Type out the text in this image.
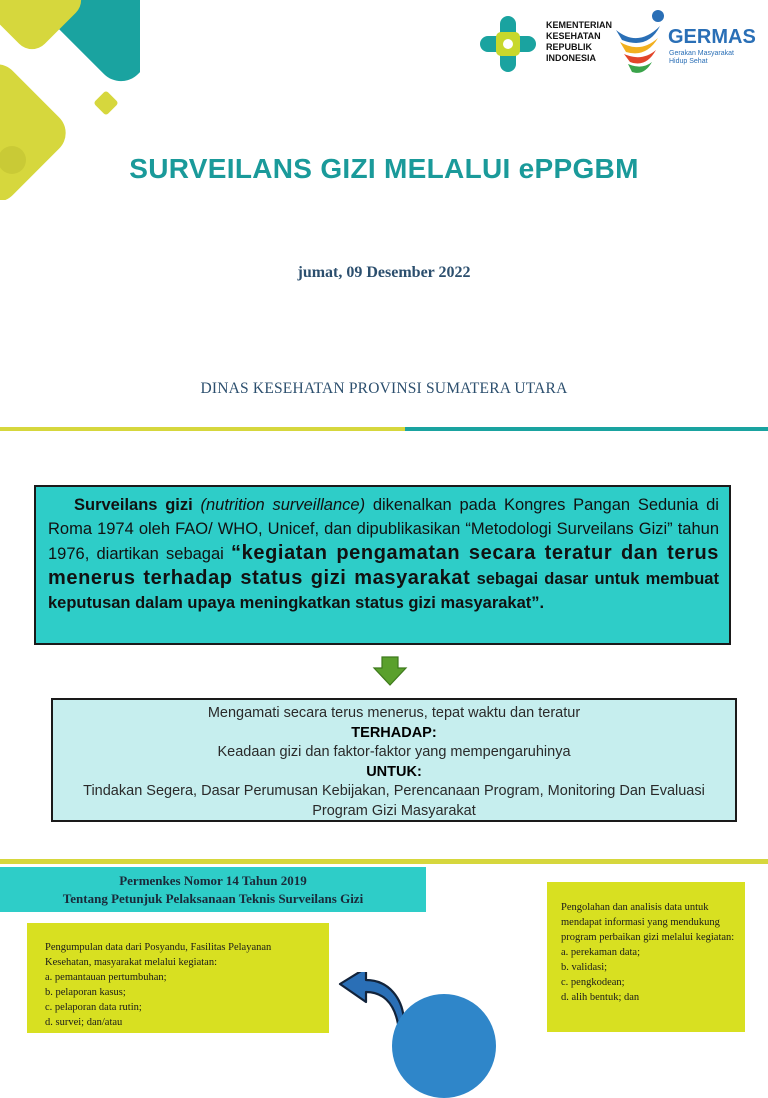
KEMENTERIAN
KESEHATAN
REPUBLIK
INDONESIA
GERMAS
Gerakan Masyarakat
Hidup Sehat
SURVEILANS GIZI MELALUI ePPGBM
jumat, 09 Desember 2022
DINAS KESEHATAN PROVINSI SUMATERA UTARA
Surveilans gizi (nutrition surveillance) dikenalkan pada Kongres Pangan Sedunia di Roma 1974 oleh FAO/ WHO, Unicef, dan dipublikasikan “Metodologi Surveilans Gizi” tahun 1976, diartikan sebagai “kegiatan pengamatan secara teratur dan terus menerus terhadap status gizi masyarakat sebagai dasar untuk membuat keputusan dalam upaya meningkatkan status gizi masyarakat”.
Mengamati secara terus menerus, tepat waktu dan teratur
TERHADAP:
Keadaan gizi dan faktor-faktor yang mempengaruhinya
UNTUK:
Tindakan Segera, Dasar Perumusan Kebijakan, Perencanaan Program, Monitoring Dan Evaluasi Program Gizi Masyarakat
Permenkes Nomor 14 Tahun 2019
Tentang Petunjuk Pelaksanaan Teknis Surveilans Gizi

Pengolahan dan analisis data untuk mendapat informasi yang mendukung program perbaikan gizi melalui kegiatan:

a. perekaman data;

b. validasi;

c. pengkodean;

d. alih bentuk; dan

Pengumpulan data dari Posyandu, Fasilitas Pelayanan Kesehatan, masyarakat melalui kegiatan:

a. pemantauan pertumbuhan;

b. pelaporan kasus;

c. pelaporan data rutin;

d. survei; dan/atau
